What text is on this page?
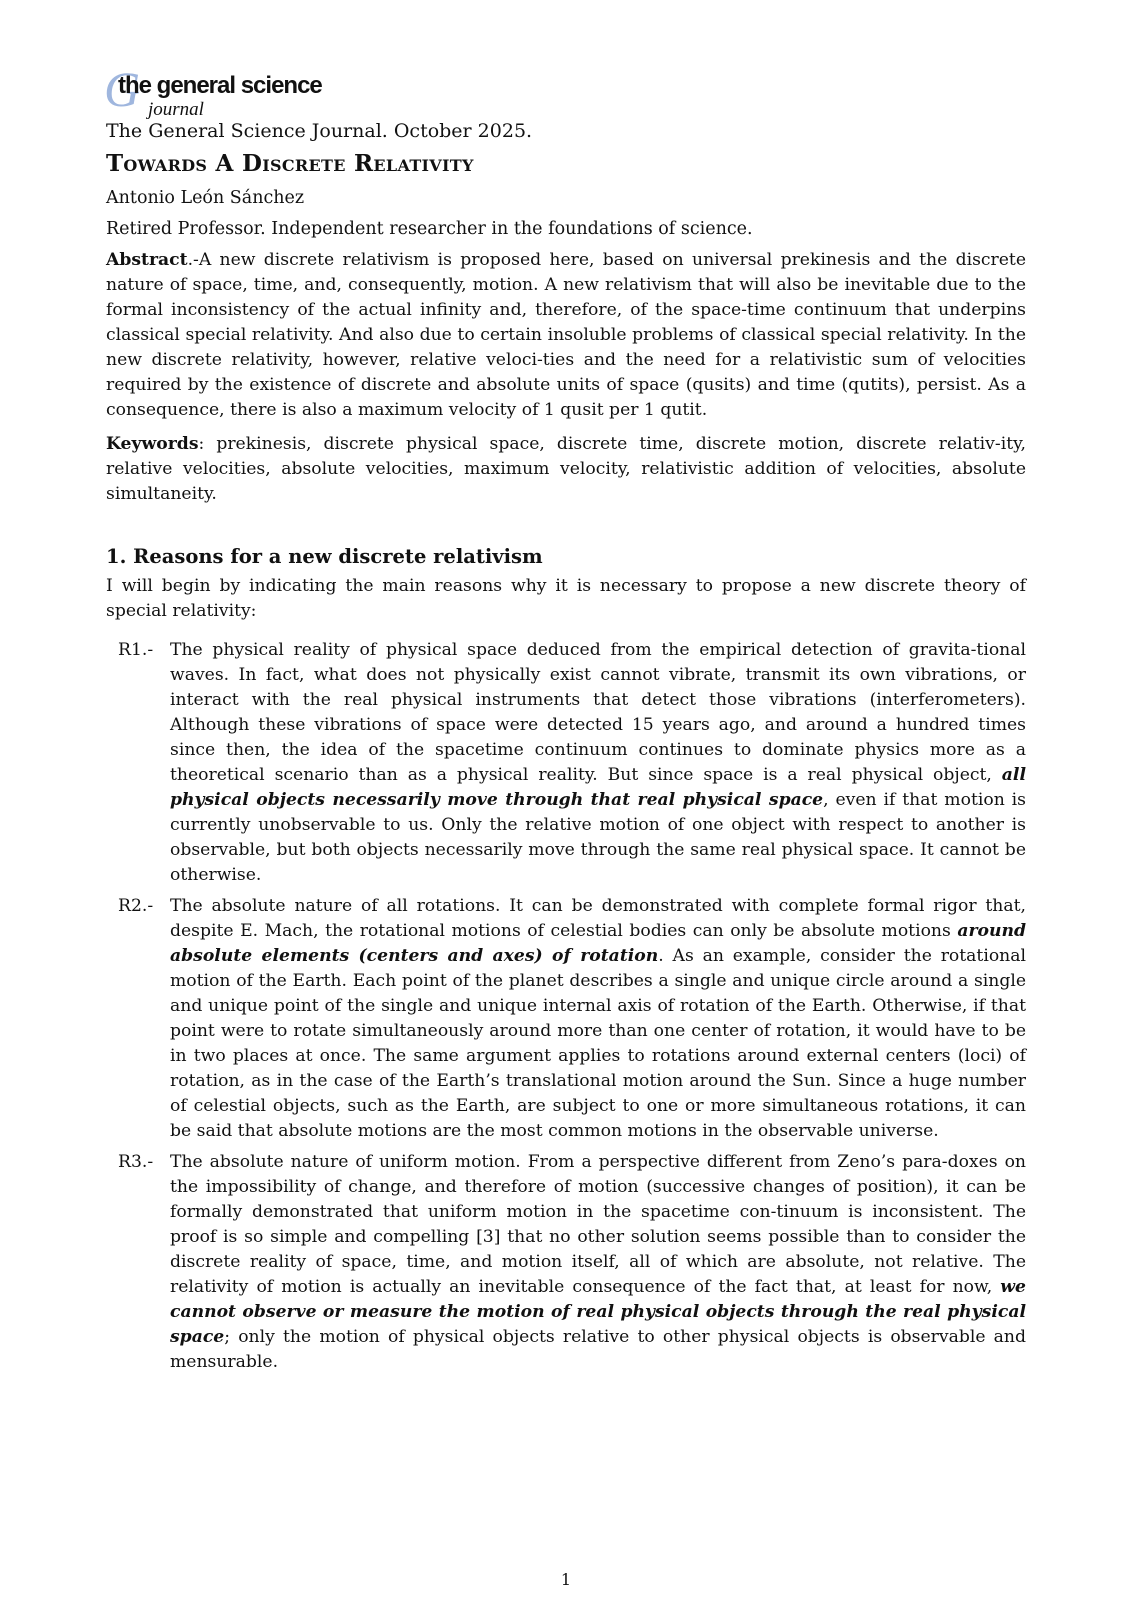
G
the general science
journal
The General Science Journal. October 2025.
Towards A Discrete Relativity
Antonio León Sánchez
Retired Professor. Independent researcher in the foundations of science.

Abstract.-A new discrete relativism is proposed here, based on universal prekinesis and the discrete nature of space, time, and, consequently, motion. A new relativism that will also be inevitable due to the formal inconsistency of the actual infinity and, therefore, of the space-time continuum that underpins classical special relativity. And also due to certain insoluble problems of classical special relativity. In the new discrete relativity, however, relative veloci-ties and the need for a relativistic sum of velocities required by the existence of discrete and absolute units of space (qusits) and time (qutits), persist. As a consequence, there is also a maximum velocity of 1 qusit per 1 qutit.

Keywords: prekinesis, discrete physical space, discrete time, discrete motion, discrete relativ-ity, relative velocities, absolute velocities, maximum velocity, relativistic addition of velocities, absolute simultaneity.

1. Reasons for a new discrete relativism

I will begin by indicating the main reasons why it is necessary to propose a new discrete theory of special relativity:

R1.- The physical reality of physical space deduced from the empirical detection of gravita-tional waves. In fact, what does not physically exist cannot vibrate, transmit its own vibrations, or interact with the real physical instruments that detect those vibrations (interferometers). Although these vibrations of space were detected 15 years ago, and around a hundred times since then, the idea of the spacetime continuum continues to dominate physics more as a theoretical scenario than as a physical reality. But since space is a real physical object, all physical objects necessarily move through that real physical space, even if that motion is currently unobservable to us. Only the relative motion of one object with respect to another is observable, but both objects necessarily move through the same real physical space. It cannot be otherwise.
R2.- The absolute nature of all rotations. It can be demonstrated with complete formal rigor that, despite E. Mach, the rotational motions of celestial bodies can only be absolute motions around absolute elements (centers and axes) of rotation. As an example, consider the rotational motion of the Earth. Each point of the planet describes a single and unique circle around a single and unique point of the single and unique internal axis of rotation of the Earth. Otherwise, if that point were to rotate simultaneously around more than one center of rotation, it would have to be in two places at once. The same argument applies to rotations around external centers (loci) of rotation, as in the case of the Earth’s translational motion around the Sun. Since a huge number of celestial objects, such as the Earth, are subject to one or more simultaneous rotations, it can be said that absolute motions are the most common motions in the observable universe.
R3.- The absolute nature of uniform motion. From a perspective different from Zeno’s para-doxes on the impossibility of change, and therefore of motion (successive changes of position), it can be formally demonstrated that uniform motion in the spacetime con-tinuum is inconsistent. The proof is so simple and compelling [3] that no other solution seems possible than to consider the discrete reality of space, time, and motion itself, all of which are absolute, not relative. The relativity of motion is actually an inevitable consequence of the fact that, at least for now, we cannot observe or measure the motion of real physical objects through the real physical space; only the motion of physical objects relative to other physical objects is observable and mensurable.
1
